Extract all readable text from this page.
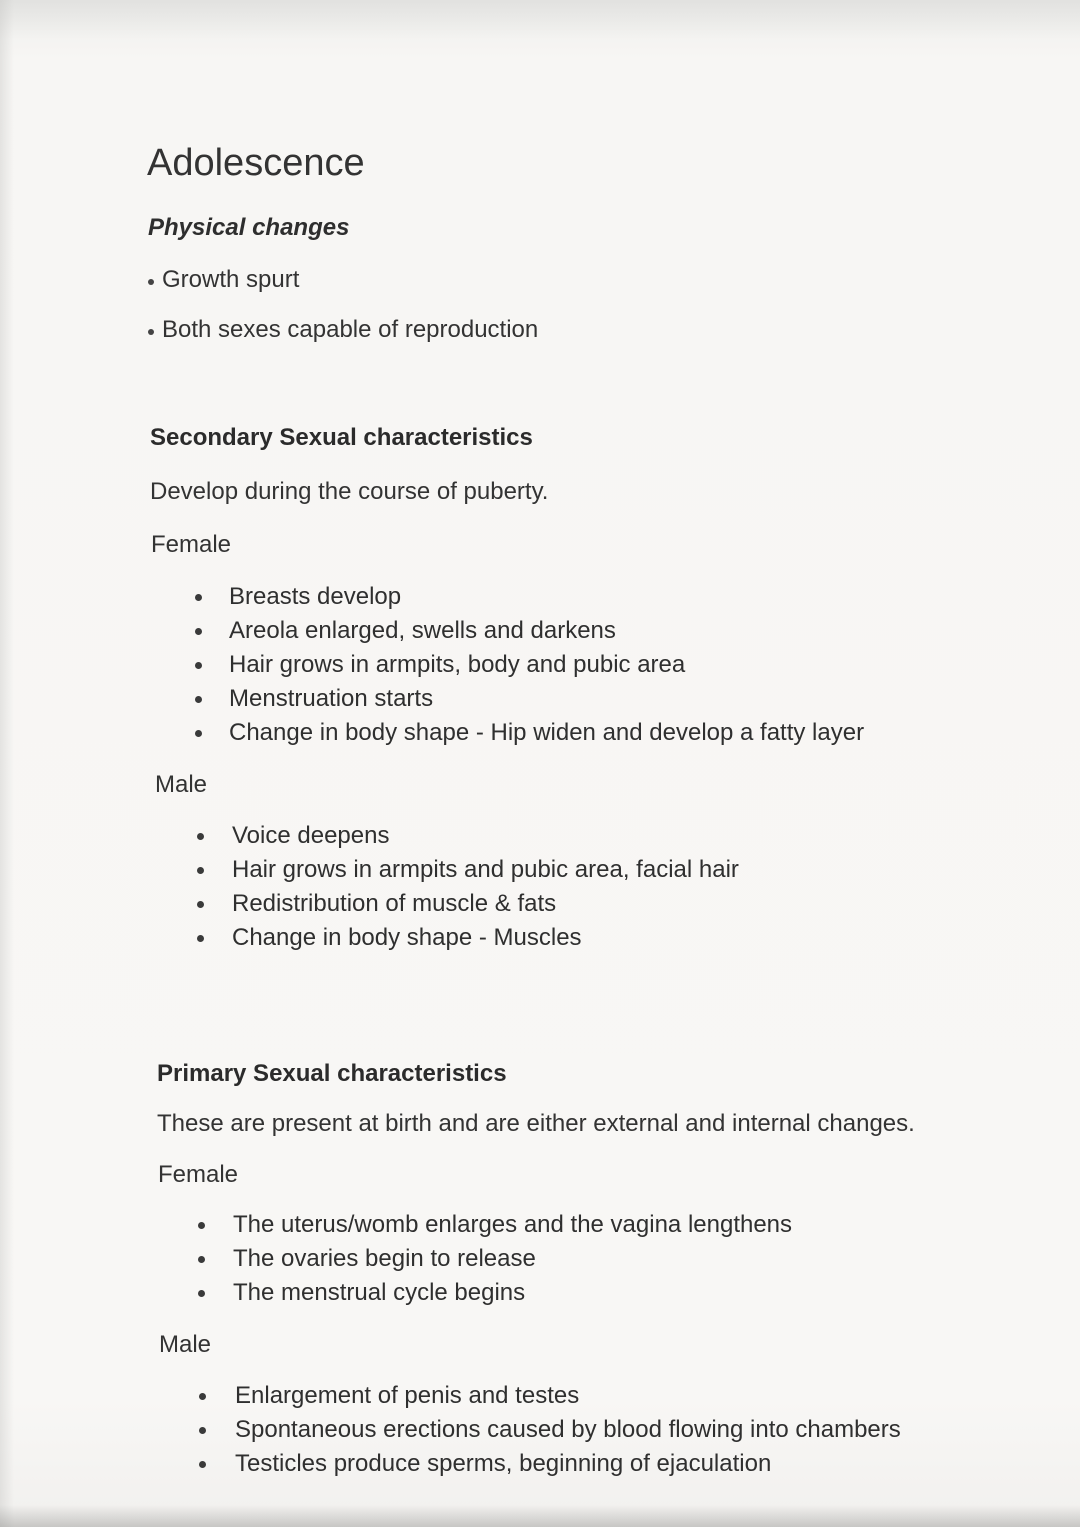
Adolescence
Physical changes
Growth spurt
Both sexes capable of reproduction
Secondary Sexual characteristics
Develop during the course of puberty.
Female
Breasts develop
Areola enlarged, swells and darkens
Hair grows in armpits, body and pubic area
Menstruation starts
Change in body shape - Hip widen and develop a fatty layer
Male
Voice deepens
Hair grows in armpits and pubic area, facial hair
Redistribution of muscle & fats
Change in body shape - Muscles
Primary Sexual characteristics
These are present at birth and are either external and internal changes.
Female
The uterus/womb enlarges and the vagina lengthens
The ovaries begin to release
The menstrual cycle begins
Male
Enlargement of penis and testes
Spontaneous erections caused by blood flowing into chambers
Testicles produce sperms, beginning of ejaculation
